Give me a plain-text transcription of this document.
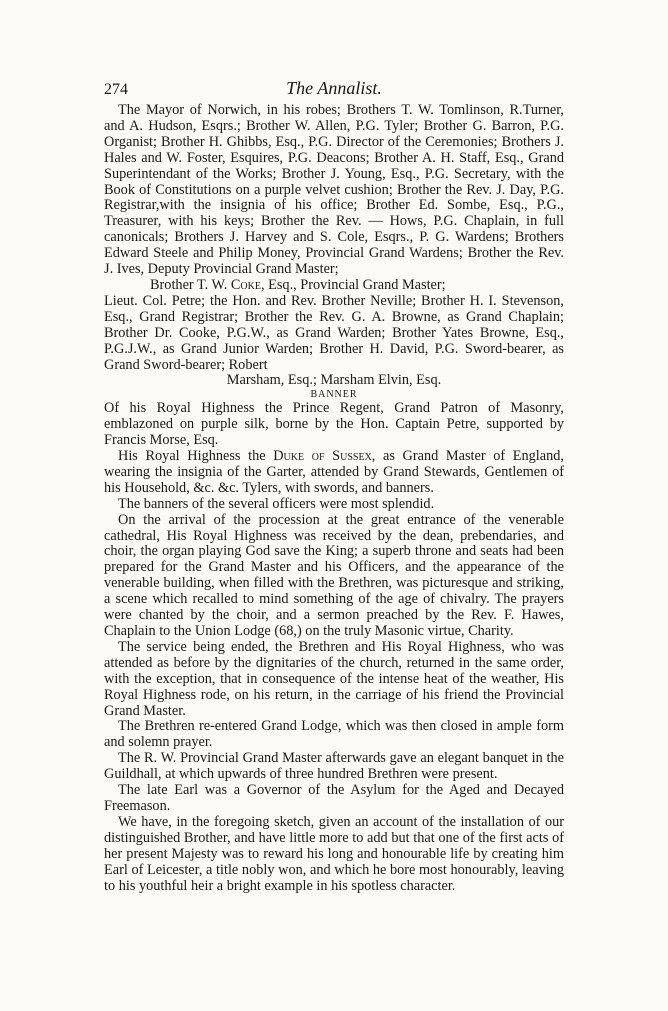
274	The Annalist.

The Mayor of Norwich, in his robes; Brothers T. W. Tomlinson, R.Turner, and A. Hudson, Esqrs.; Brother W. Allen, P.G. Tyler; Brother G. Barron, P.G. Organist; Brother H. Ghibbs, Esq., P.G. Director of the Ceremonies; Brothers J. Hales and W. Foster, Esquires, P.G. Deacons; Brother A. H. Staff, Esq., Grand Superintendant of the Works; Brother J. Young, Esq., P.G. Secretary, with the Book of Constitutions on a purple velvet cushion; Brother the Rev. J. Day, P.G. Registrar,with the insignia of his office; Brother Ed. Sombe, Esq., P.G., Treasurer, with his keys; Brother the Rev. — Hows, P.G. Chaplain, in full canonicals; Brothers J. Harvey and S. Cole, Esqrs., P. G. Wardens; Brothers Edward Steele and Philip Money, Provincial Grand Wardens; Brother the Rev. J. Ives, Deputy Provincial Grand Master;

Brother T. W. Coke, Esq., Provincial Grand Master;

Lieut. Col. Petre; the Hon. and Rev. Brother Neville; Brother H. I. Stevenson, Esq., Grand Registrar; Brother the Rev. G. A. Browne, as Grand Chaplain; Brother Dr. Cooke, P.G.W., as Grand Warden; Brother Yates Browne, Esq., P.G.J.W., as Grand Junior Warden; Brother H. David, P.G. Sword-bearer, as Grand Sword-bearer; Robert

Marsham, Esq.; Marsham Elvin, Esq.

BANNER

Of his Royal Highness the Prince Regent, Grand Patron of Masonry, emblazoned on purple silk, borne by the Hon. Captain Petre, supported by Francis Morse, Esq.

His Royal Highness the Duke of Sussex, as Grand Master of England, wearing the insignia of the Garter, attended by Grand Stewards, Gentlemen of his Household, &c. &c. Tylers, with swords, and banners.

The banners of the several officers were most splendid.

On the arrival of the procession at the great entrance of the venerable cathedral, His Royal Highness was received by the dean, prebendaries, and choir, the organ playing God save the King; a superb throne and seats had been prepared for the Grand Master and his Officers, and the appearance of the venerable building, when filled with the Brethren, was picturesque and striking, a scene which recalled to mind something of the age of chivalry. The prayers were chanted by the choir, and a sermon preached by the Rev. F. Hawes, Chaplain to the Union Lodge (68,) on the truly Masonic virtue, Charity.

The service being ended, the Brethren and His Royal Highness, who was attended as before by the dignitaries of the church, returned in the same order, with the exception, that in consequence of the intense heat of the weather, His Royal Highness rode, on his return, in the carriage of his friend the Provincial Grand Master.

The Brethren re-entered Grand Lodge, which was then closed in ample form and solemn prayer.

The R. W. Provincial Grand Master afterwards gave an elegant banquet in the Guildhall, at which upwards of three hundred Brethren were present.

The late Earl was a Governor of the Asylum for the Aged and Decayed Freemason.

We have, in the foregoing sketch, given an account of the installation of our distinguished Brother, and have little more to add but that one of the first acts of her present Majesty was to reward his long and honourable life by creating him Earl of Leicester, a title nobly won, and which he bore most honourably, leaving to his youthful heir a bright example in his spotless character.
